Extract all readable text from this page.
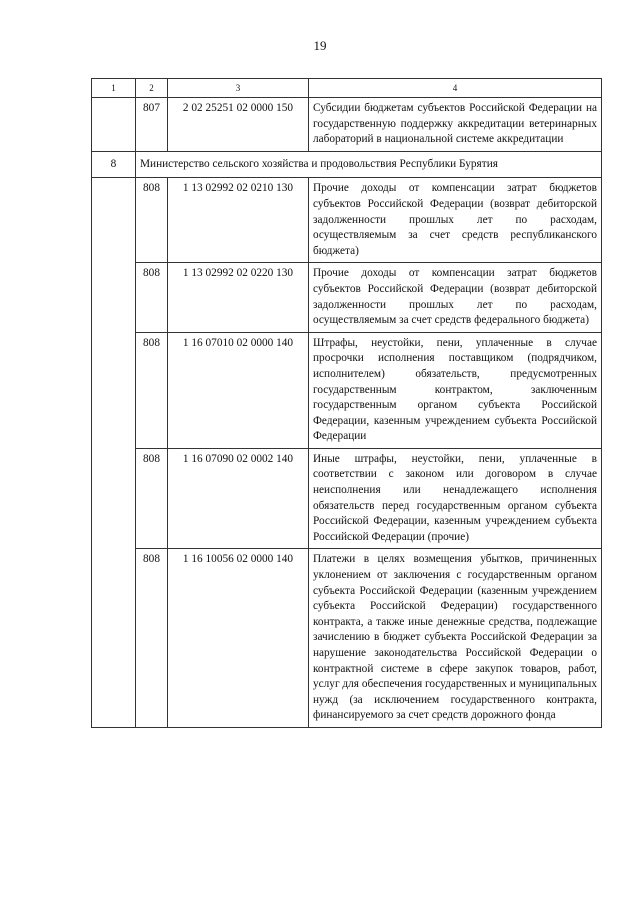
19
1	2	3	4
	807	2 02 25251 02 0000 150	Субсидии бюджетам субъектов Российской Федерации на государственную поддержку аккредитации ветеринарных лабораторий в национальной системе аккредитации
8	Министерство сельского хозяйства и продовольствия Республики Бурятия		
	808	1 13 02992 02 0210 130	Прочие доходы от компенсации затрат бюджетов субъектов Российской Федерации (возврат дебиторской задолженности прошлых лет по расходам, осуществляемым за счет средств республиканского бюджета)
	808	1 13 02992 02 0220 130	Прочие доходы от компенсации затрат бюджетов субъектов Российской Федерации (возврат дебиторской задолженности прошлых лет по расходам, осуществляемым за счет средств федерального бюджета)
	808	1 16 07010 02 0000 140	Штрафы, неустойки, пени, уплаченные в случае просрочки исполнения поставщиком (подрядчиком, исполнителем) обязательств, предусмотренных государственным контрактом, заключенным государственным органом субъекта Российской Федерации, казенным учреждением субъекта Российской Федерации
	808	1 16 07090 02 0002 140	Иные штрафы, неустойки, пени, уплаченные в соответствии с законом или договором в случае неисполнения или ненадлежащего исполнения обязательств перед государственным органом субъекта Российской Федерации, казенным учреждением субъекта Российской Федерации (прочие)
	808	1 16 10056 02 0000 140	Платежи в целях возмещения убытков, причиненных уклонением от заключения с государственным органом субъекта Российской Федерации (казенным учреждением субъекта Российской Федерации) государственного контракта, а также иные денежные средства, подлежащие зачислению в бюджет субъекта Российской Федерации за нарушение законодательства Российской Федерации о контрактной системе в сфере закупок товаров, работ, услуг для обеспечения государственных и муниципальных нужд (за исключением государственного контракта, финансируемого за счет средств дорожного фонда
